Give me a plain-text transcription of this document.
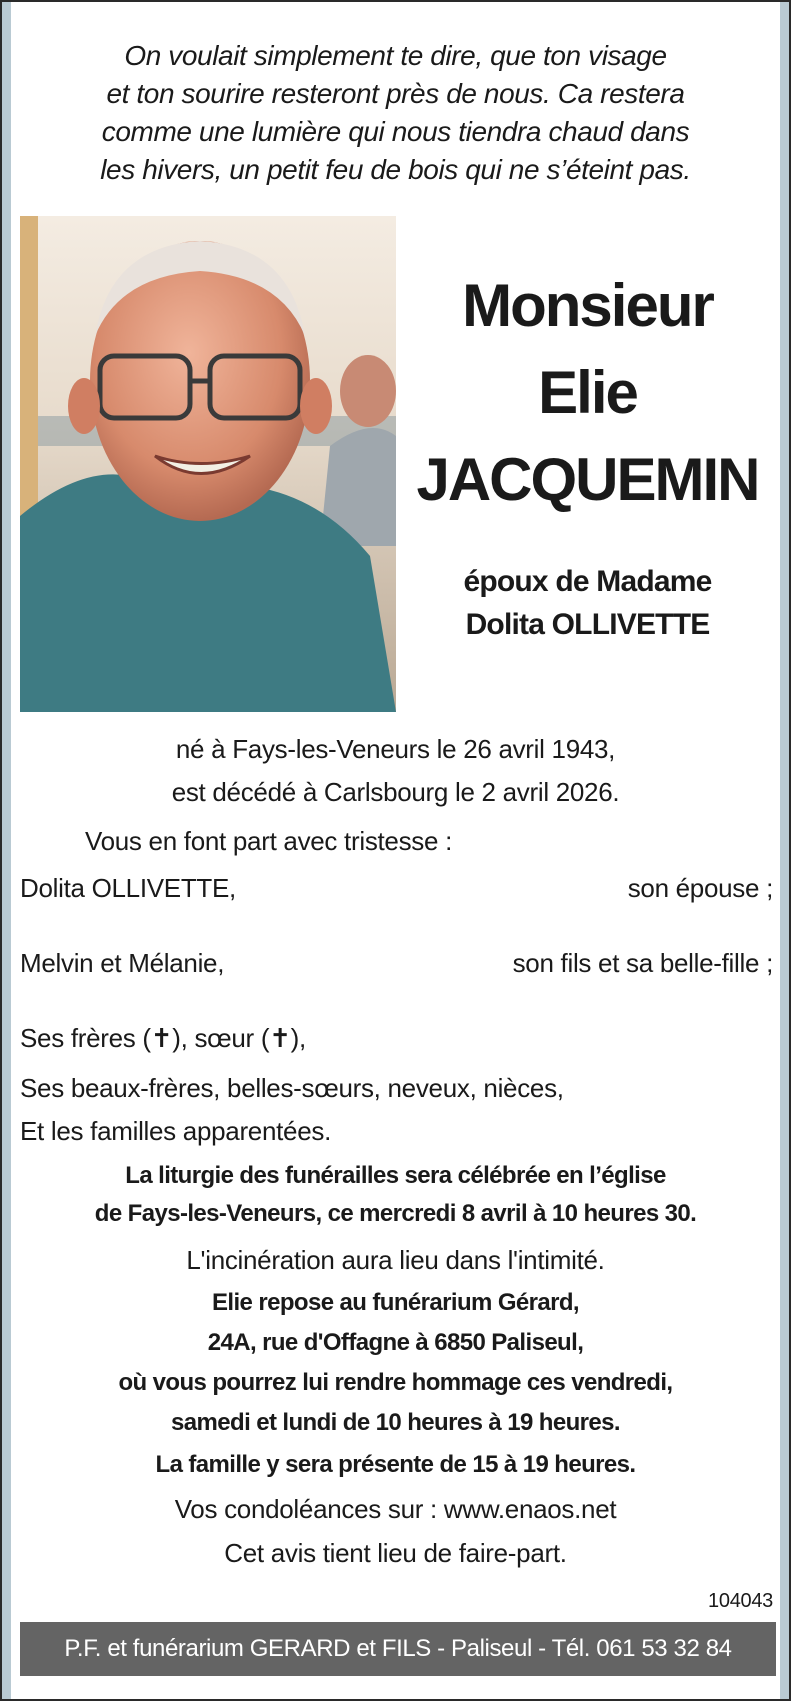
On voulait simplement te dire, que ton visage
et ton sourire resteront près de nous. Ca restera
comme une lumière qui nous tiendra chaud dans
les hivers, un petit feu de bois qui ne s’éteint pas.
Monsieur
Elie
JACQUEMIN
époux de Madame
Dolita OLLIVETTE
né à Fays-les-Veneurs le 26 avril 1943,
est décédé à Carlsbourg le 2 avril 2026.
Vous en font part avec tristesse :
Dolita OLLIVETTE,	son épouse ;
Melvin et Mélanie,	son fils et sa belle-fille ;
Ses frères (✝), sœur (✝),
Ses beaux-frères, belles-sœurs, neveux, nièces,
Et les familles apparentées.
La liturgie des funérailles sera célébrée en l’église
de Fays-les-Veneurs, ce mercredi 8 avril à 10 heures 30.
L'incinération aura lieu dans l'intimité.
Elie repose au funérarium Gérard,
24A, rue d'Offagne à 6850 Paliseul,
où vous pourrez lui rendre hommage ces vendredi,
samedi et lundi de 10 heures à 19 heures.
La famille y sera présente de 15 à 19 heures.
Vos condoléances sur : www.enaos.net
Cet avis tient lieu de faire-part.
104043
P.F. et funérarium GERARD et FILS - Paliseul - Tél. 061 53 32 84
